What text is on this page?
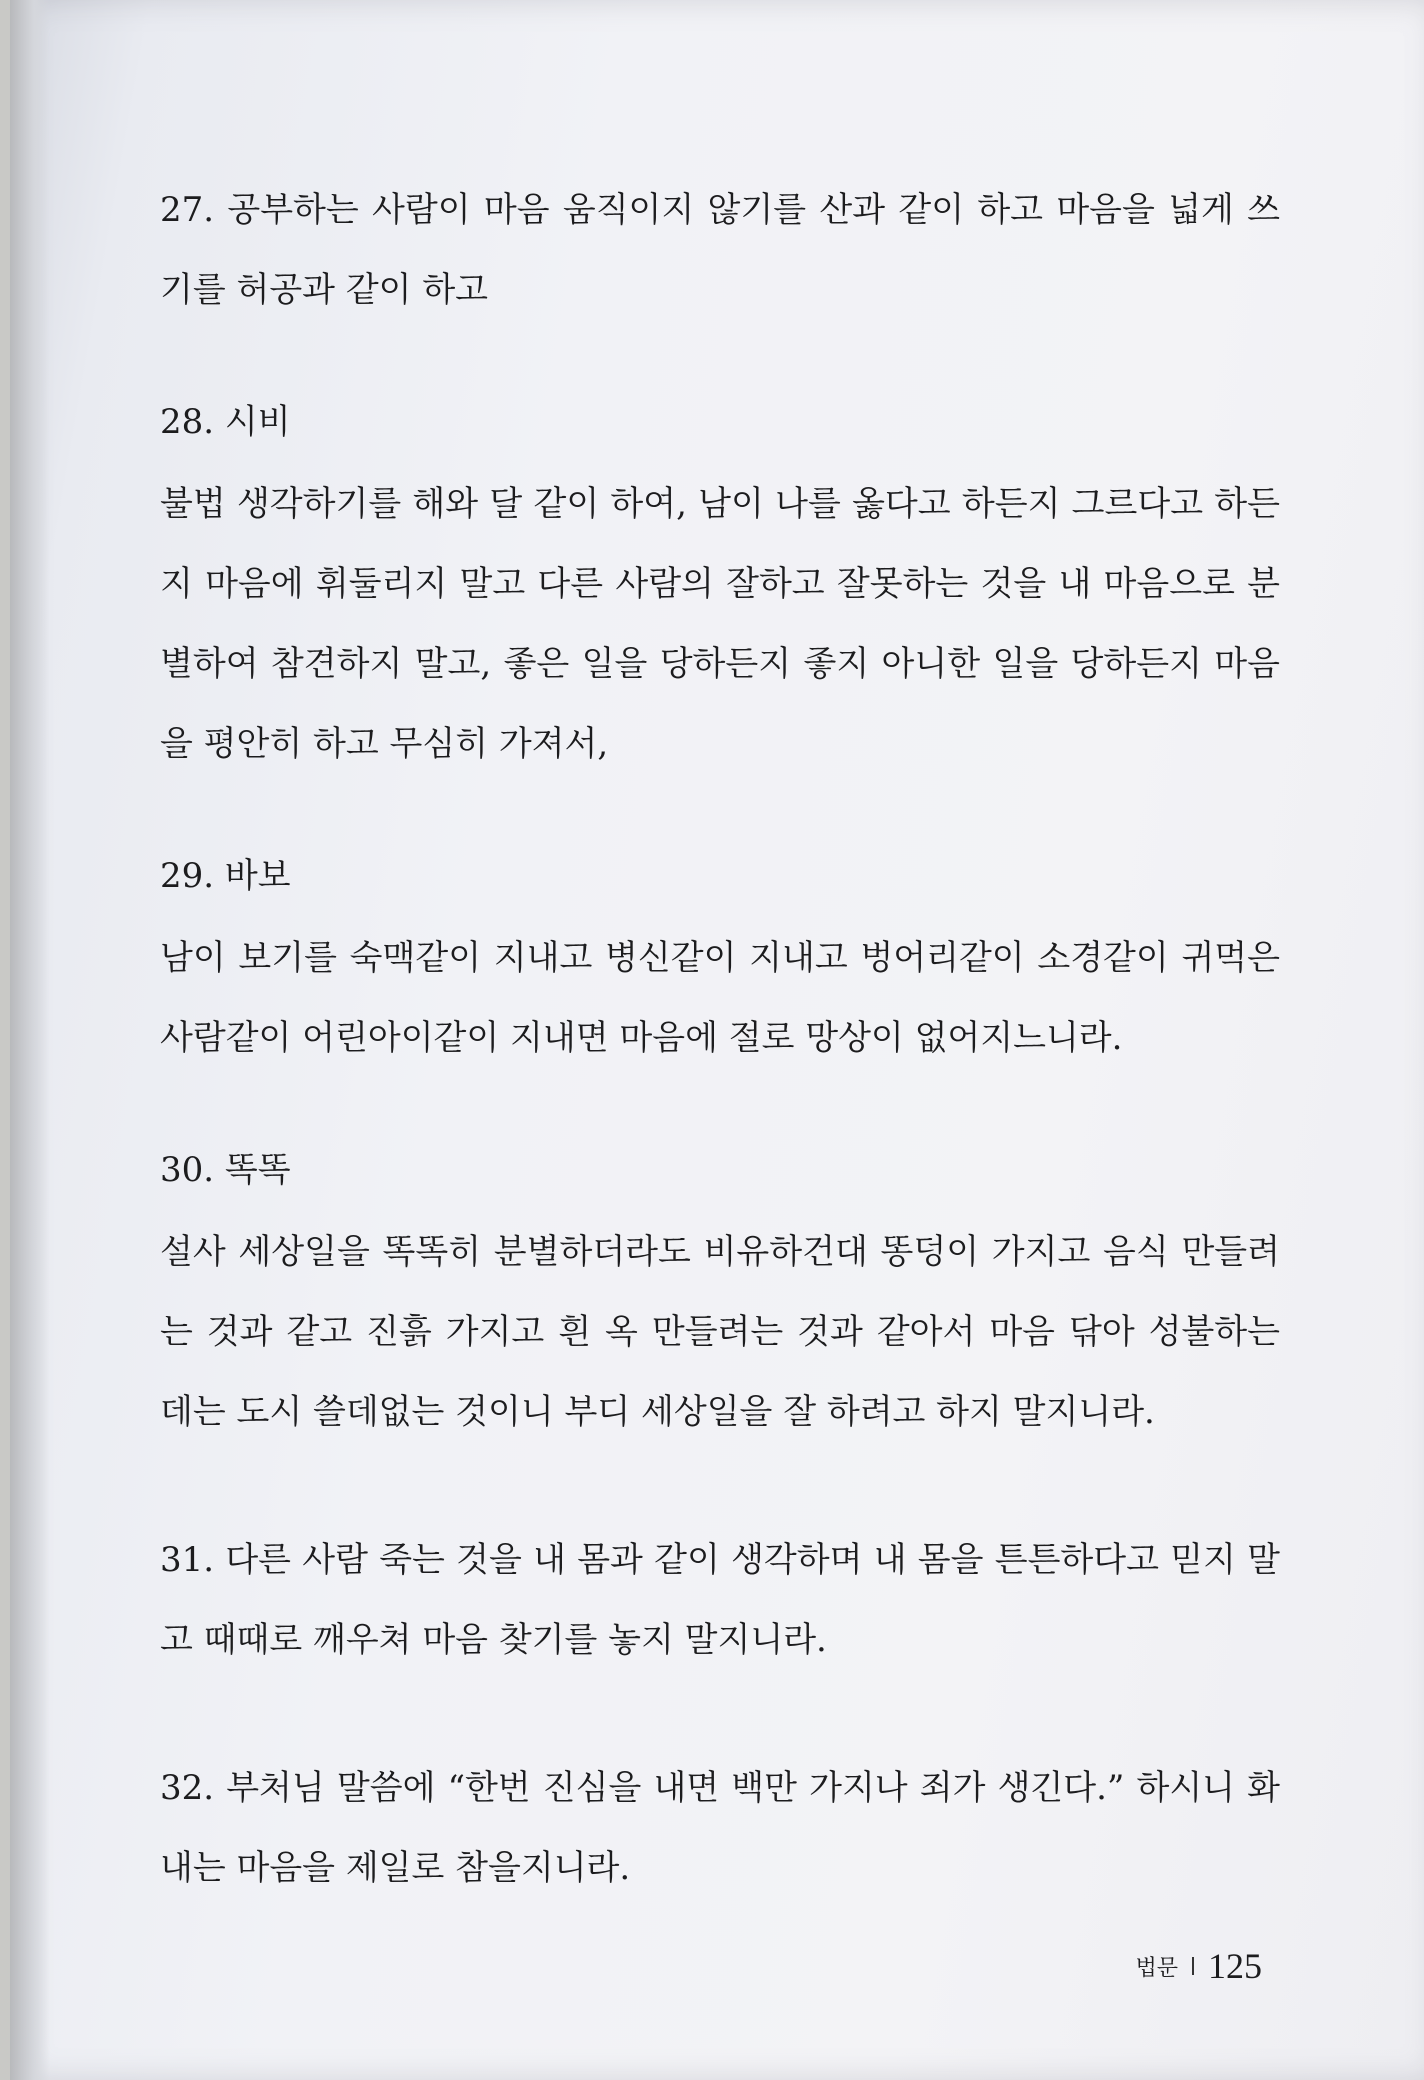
27. 공부하는 사람이 마음 움직이지 않기를 산과 같이 하고 마음을 넓게 쓰기를 허공과 같이 하고

28. 시비

불법 생각하기를 해와 달 같이 하여, 남이 나를 옳다고 하든지 그르다고 하든지 마음에 휘둘리지 말고 다른 사람의 잘하고 잘못하는 것을 내 마음으로 분별하여 참견하지 말고, 좋은 일을 당하든지 좋지 아니한 일을 당하든지 마음을 평안히 하고 무심히 가져서,

29. 바보

남이 보기를 숙맥같이 지내고 병신같이 지내고 벙어리같이 소경같이 귀먹은 사람같이 어린아이같이 지내면 마음에 절로 망상이 없어지느니라.

30. 똑똑

설사 세상일을 똑똑히 분별하더라도 비유하건대 똥덩이 가지고 음식 만들려는 것과 같고 진흙 가지고 흰 옥 만들려는 것과 같아서 마음 닦아 성불하는 데는 도시 쓸데없는 것이니 부디 세상일을 잘 하려고 하지 말지니라.

31. 다른 사람 죽는 것을 내 몸과 같이 생각하며 내 몸을 튼튼하다고 믿지 말고 때때로 깨우쳐 마음 찾기를 놓지 말지니라.

32. 부처님 말씀에 “한번 진심을 내면 백만 가지나 죄가 생긴다.” 하시니 화내는 마음을 제일로 참을지니라.

법문 125
